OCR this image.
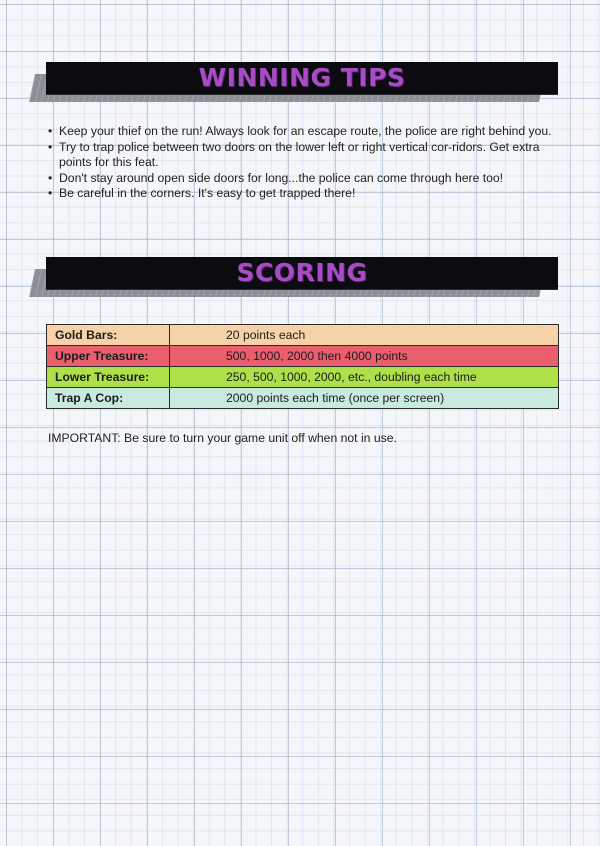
WINNING TIPS
• Keep your thief on the run! Always look for an escape route, the police are right behind you.
• Try to trap police between two doors on the lower left or right vertical cor-ridors. Get extra points for this feat.
• Don't stay around open side doors for long...the police can come through here too!
• Be careful in the corners. It's easy to get trapped there!
SCORING
Gold Bars:	20 points each
Upper Treasure:	500, 1000, 2000 then 4000 points
Lower Treasure:	250, 500, 1000, 2000, etc., doubling each time
Trap A Cop:	2000 points each time (once per screen)
IMPORTANT: Be sure to turn your game unit off when not in use.
